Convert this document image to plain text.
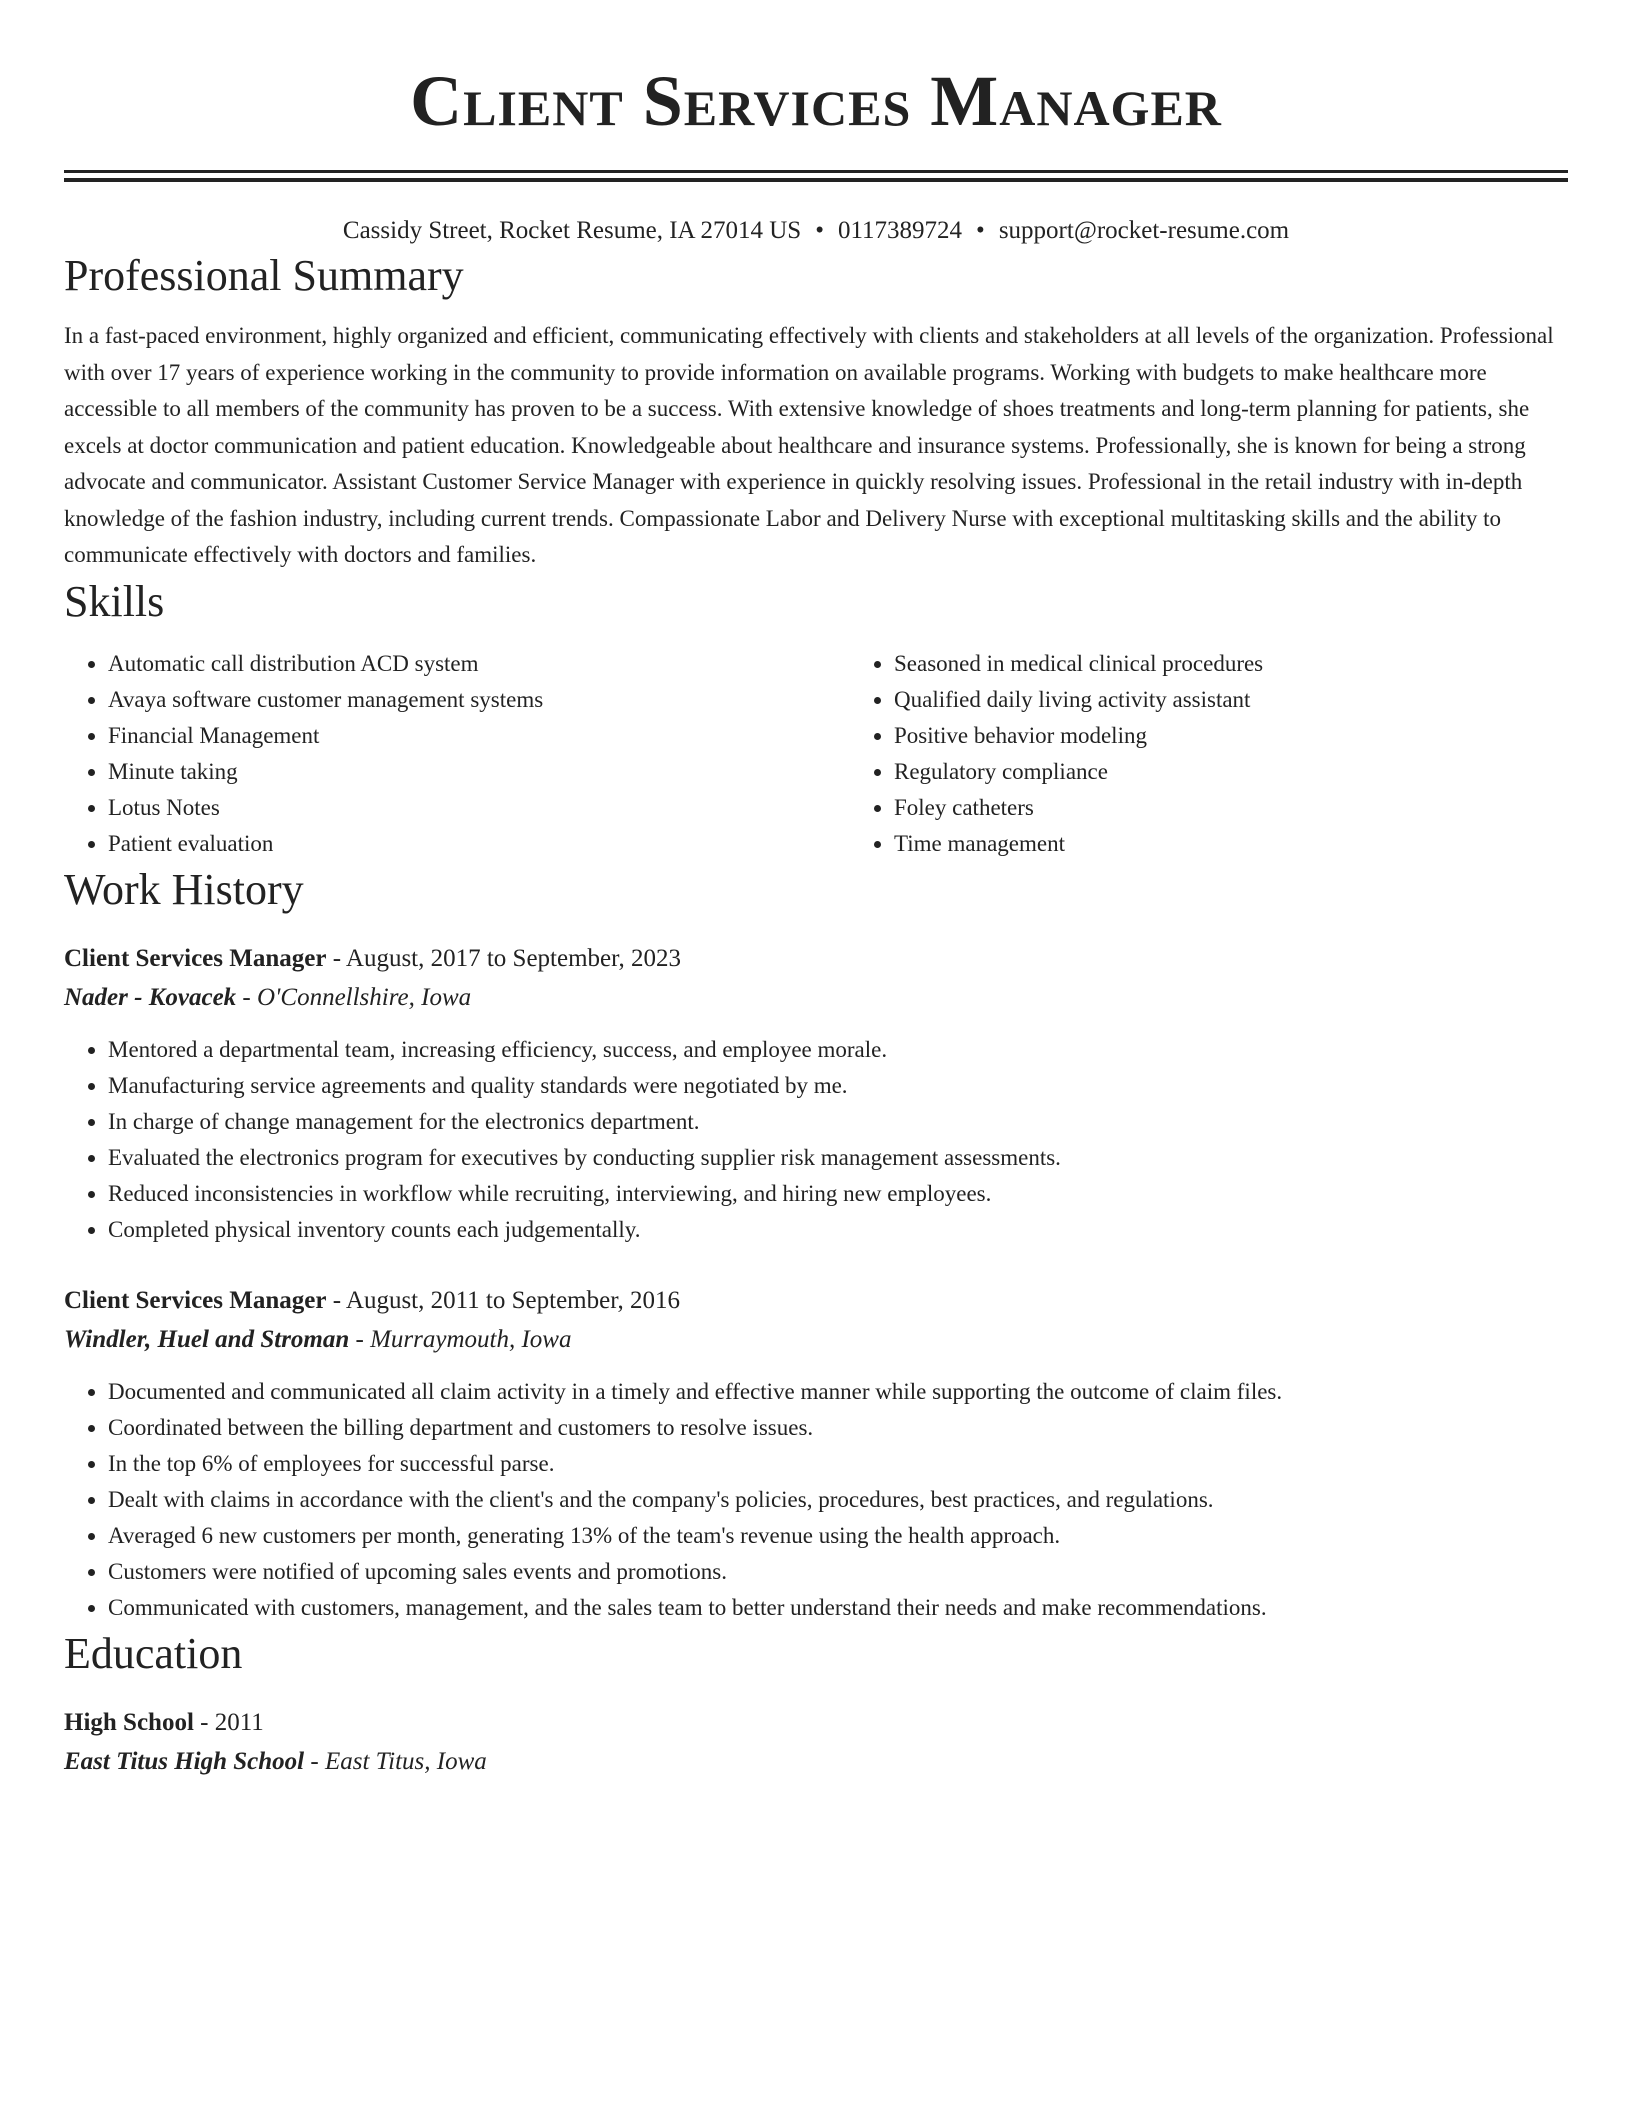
Client Services Manager
Cassidy Street, Rocket Resume, IA 27014 US • 0117389724 • support@rocket-resume.com
Professional Summary

In a fast-paced environment, highly organized and efficient, communicating effectively with clients and stakeholders at all levels of the organization. Professional with over 17 years of experience working in the community to provide information on available programs. Working with budgets to make healthcare more accessible to all members of the community has proven to be a success. With extensive knowledge of shoes treatments and long-term planning for patients, she excels at doctor communication and patient education. Knowledgeable about healthcare and insurance systems. Professionally, she is known for being a strong advocate and communicator. Assistant Customer Service Manager with experience in quickly resolving issues. Professional in the retail industry with in-depth knowledge of the fashion industry, including current trends. Compassionate Labor and Delivery Nurse with exceptional multitasking skills and the ability to communicate effectively with doctors and families.

Skills
• Automatic call distribution ACD system
• Avaya software customer management systems
• Financial Management
• Minute taking
• Lotus Notes
• Patient evaluation
• Seasoned in medical clinical procedures
• Qualified daily living activity assistant
• Positive behavior modeling
• Regulatory compliance
• Foley catheters
• Time management
Work History
Client Services Manager - August, 2017 to September, 2023
Nader - Kovacek - O'Connellshire, Iowa
• Mentored a departmental team, increasing efficiency, success, and employee morale.
• Manufacturing service agreements and quality standards were negotiated by me.
• In charge of change management for the electronics department.
• Evaluated the electronics program for executives by conducting supplier risk management assessments.
• Reduced inconsistencies in workflow while recruiting, interviewing, and hiring new employees.
• Completed physical inventory counts each judgementally.
Client Services Manager - August, 2011 to September, 2016
Windler, Huel and Stroman - Murraymouth, Iowa
• Documented and communicated all claim activity in a timely and effective manner while supporting the outcome of claim files.
• Coordinated between the billing department and customers to resolve issues.
• In the top 6% of employees for successful parse.
• Dealt with claims in accordance with the client's and the company's policies, procedures, best practices, and regulations.
• Averaged 6 new customers per month, generating 13% of the team's revenue using the health approach.
• Customers were notified of upcoming sales events and promotions.
• Communicated with customers, management, and the sales team to better understand their needs and make recommendations.
Education
High School - 2011
East Titus High School - East Titus, Iowa
